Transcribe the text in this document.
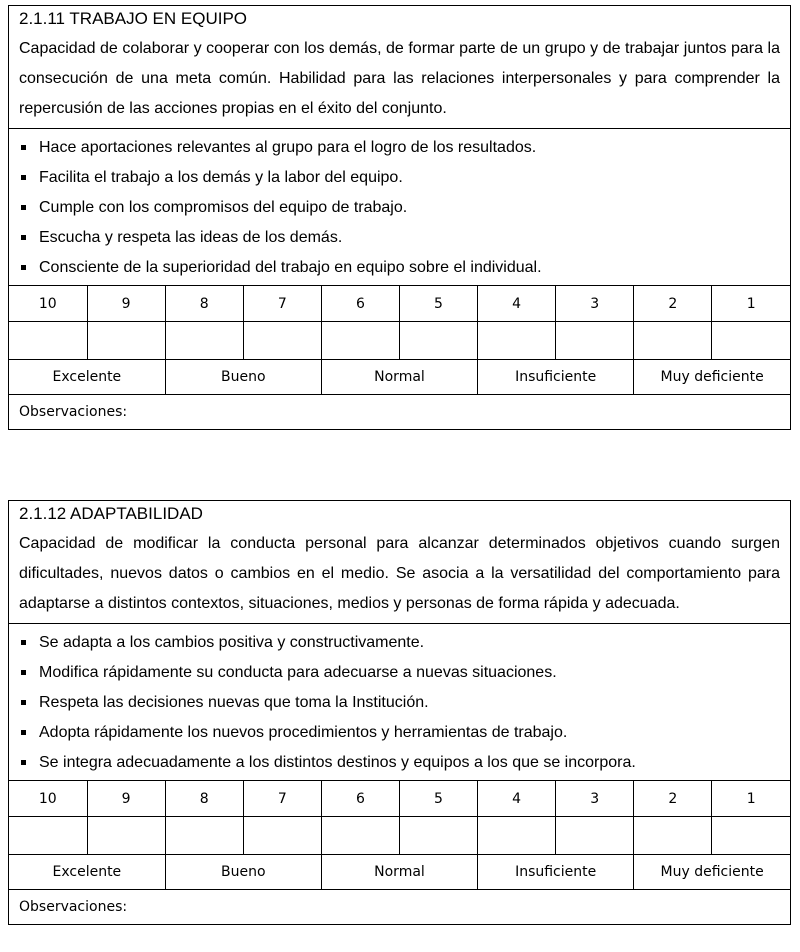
2.1.11 TRABAJO EN EQUIPO
Capacidad de colaborar y cooperar con los demás, de formar parte de un grupo y de trabajar juntos para la consecución de una meta común. Habilidad para las relaciones interpersonales y para comprender la repercusión de las acciones propias en el éxito del conjunto.
Hace aportaciones relevantes al grupo para el logro de los resultados.
Facilita el trabajo a los demás y la labor del equipo.
Cumple con los compromisos del equipo de trabajo.
Escucha y respeta las ideas de los demás.
Consciente de la superioridad del trabajo en equipo sobre el individual.
10	9	8	7	6	5	4	3	2	1

Excelente		Bueno		Normal		Insuficiente		Muy deficiente	
Observaciones:
2.1.12 ADAPTABILIDAD
Capacidad de modificar la conducta personal para alcanzar determinados objetivos cuando surgen dificultades, nuevos datos o cambios en el medio. Se asocia a la versatilidad del comportamiento para adaptarse a distintos contextos, situaciones, medios y personas de forma rápida y adecuada.
Se adapta a los cambios positiva y constructivamente.
Modifica rápidamente su conducta para adecuarse a nuevas situaciones.
Respeta las decisiones nuevas que toma la Institución.
Adopta rápidamente los nuevos procedimientos y herramientas de trabajo.
Se integra adecuadamente a los distintos destinos y equipos a los que se incorpora.
10	9	8	7	6	5	4	3	2	1

Excelente		Bueno		Normal		Insuficiente		Muy deficiente	
Observaciones:
